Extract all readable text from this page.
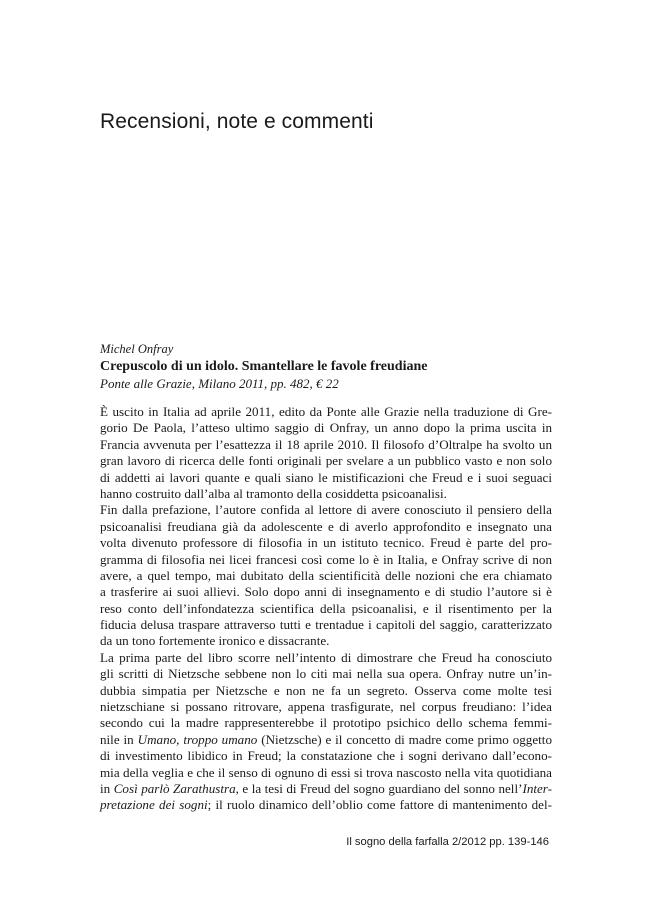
Recensioni, note e commenti
Michel Onfray
Crepuscolo di un idolo. Smantellare le favole freudiane
Ponte alle Grazie, Milano 2011, pp. 482, € 22
È uscito in Italia ad aprile 2011, edito da Ponte alle Grazie nella traduzione di Gre-
gorio De Paola, l’atteso ultimo saggio di Onfray, un anno dopo la prima uscita in
Francia avvenuta per l’esattezza il 18 aprile 2010. Il filosofo d’Oltralpe ha svolto un
gran lavoro di ricerca delle fonti originali per svelare a un pubblico vasto e non solo
di addetti ai lavori quante e quali siano le mistificazioni che Freud e i suoi seguaci
hanno costruito dall’alba al tramonto della cosiddetta psicoanalisi.
Fin dalla prefazione, l’autore confida al lettore di avere conosciuto il pensiero della
psicoanalisi freudiana già da adolescente e di averlo approfondito e insegnato una
volta divenuto professore di filosofia in un istituto tecnico. Freud è parte del pro-
gramma di filosofia nei licei francesi così come lo è in Italia, e Onfray scrive di non
avere, a quel tempo, mai dubitato della scientificità delle nozioni che era chiamato
a trasferire ai suoi allievi. Solo dopo anni di insegnamento e di studio l’autore si è
reso conto dell’infondatezza scientifica della psicoanalisi, e il risentimento per la
fiducia delusa traspare attraverso tutti e trentadue i capitoli del saggio, caratterizzato
da un tono fortemente ironico e dissacrante.
La prima parte del libro scorre nell’intento di dimostrare che Freud ha conosciuto
gli scritti di Nietzsche sebbene non lo citi mai nella sua opera. Onfray nutre un’in-
dubbia simpatia per Nietzsche e non ne fa un segreto. Osserva come molte tesi
nietzschiane si possano ritrovare, appena trasfigurate, nel corpus freudiano: l’idea
secondo cui la madre rappresenterebbe il prototipo psichico dello schema femmi-
nile in Umano, troppo umano (Nietzsche) e il concetto di madre come primo oggetto
di investimento libidico in Freud; la constatazione che i sogni derivano dall’econo-
mia della veglia e che il senso di ognuno di essi si trova nascosto nella vita quotidiana
in Così parlò Zarathustra, e la tesi di Freud del sogno guardiano del sonno nell’Inter-
pretazione dei sogni; il ruolo dinamico dell’oblio come fattore di mantenimento del-
Il sogno della farfalla 2/2012 pp. 139-146
